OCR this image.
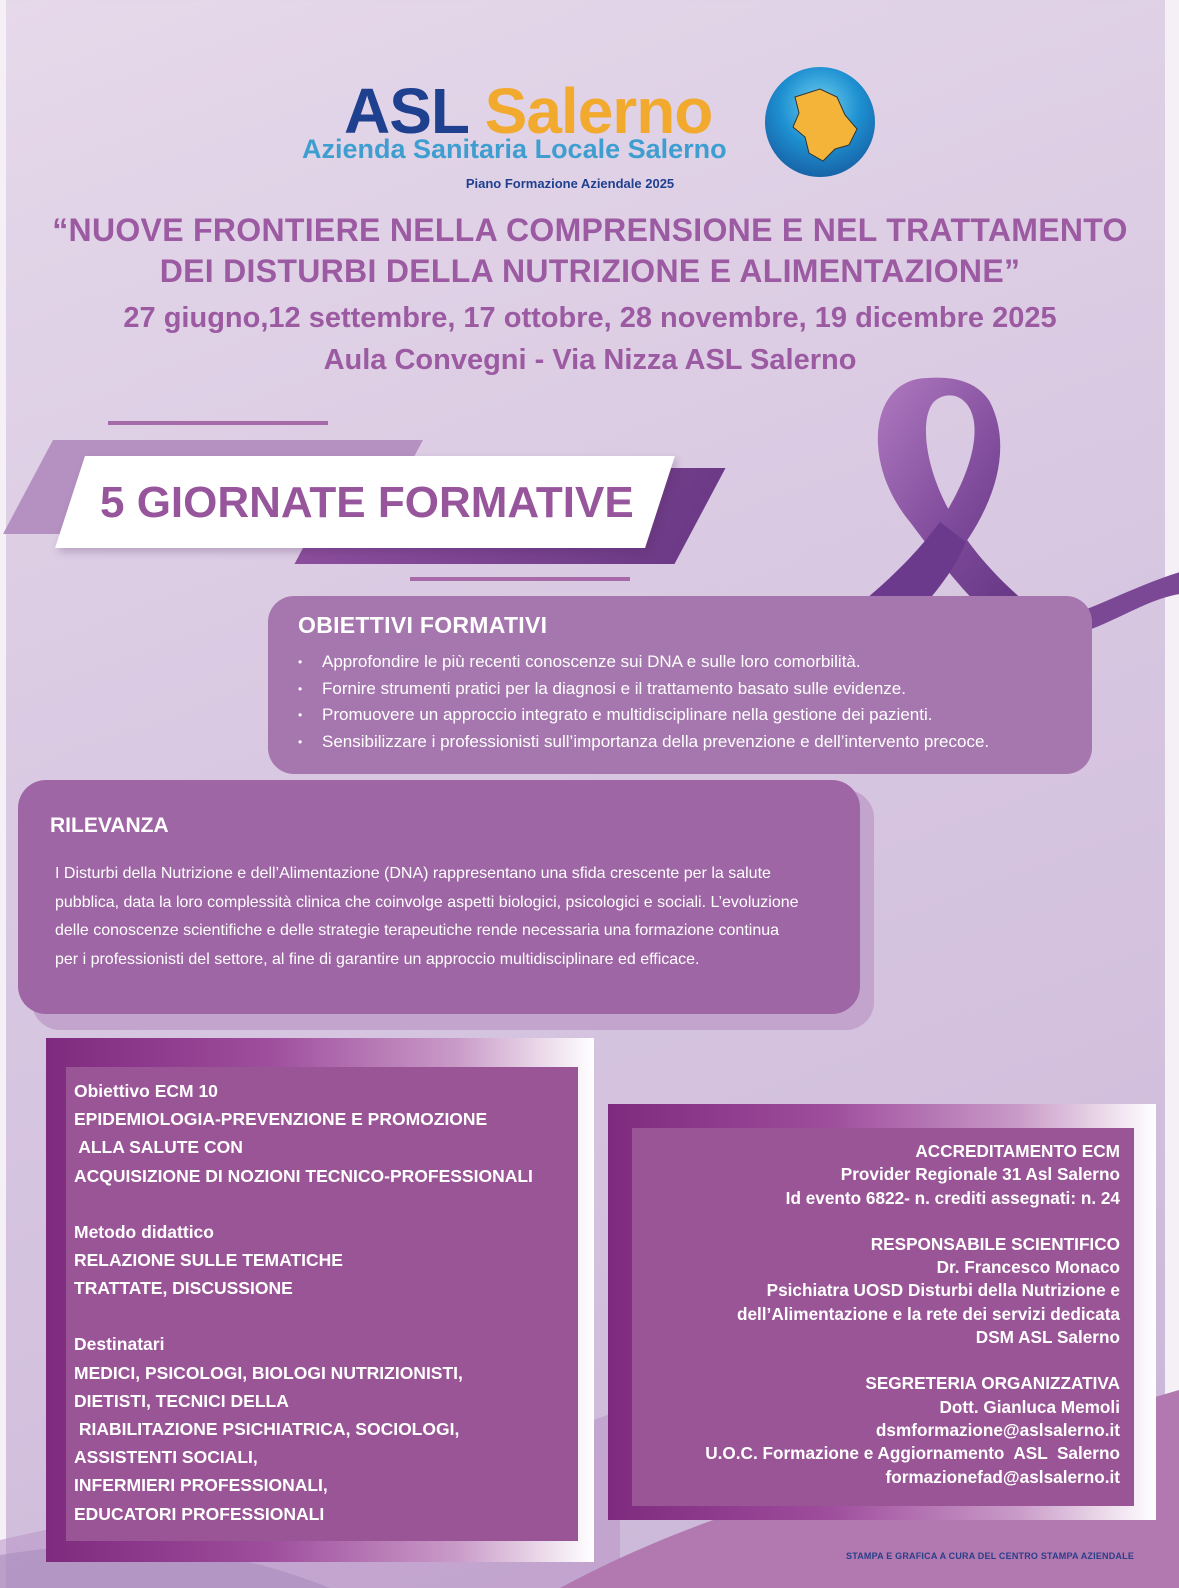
ASL Salerno
Azienda Sanitaria Locale Salerno
Piano Formazione Aziendale 2025
“NUOVE FRONTIERE NELLA COMPRENSIONE E NEL TRATTAMENTO
DEI DISTURBI DELLA NUTRIZIONE E ALIMENTAZIONE”
27 giugno,12 settembre, 17 ottobre, 28 novembre, 19 dicembre 2025
Aula Convegni - Via Nizza ASL Salerno
5 GIORNATE FORMATIVE
OBIETTIVI FORMATIVI
• Approfondire le più recenti conoscenze sui DNA e sulle loro comorbilità.
• Fornire strumenti pratici per la diagnosi e il trattamento basato sulle evidenze.
• Promuovere un approccio integrato e multidisciplinare nella gestione dei pazienti.
• Sensibilizzare i professionisti sull’importanza della prevenzione e dell’intervento precoce.
RILEVANZA

I Disturbi della Nutrizione e dell’Alimentazione (DNA) rappresentano una sfida crescente per la salute
pubblica, data la loro complessità clinica che coinvolge aspetti biologici, psicologici e sociali. L’evoluzione
delle conoscenze scientifiche e delle strategie terapeutiche rende necessaria una formazione continua
per i professionisti del settore, al fine di garantire un approccio multidisciplinare ed efficace.

Obiettivo ECM 10
EPIDEMIOLOGIA-PREVENZIONE E PROMOZIONE
ALLA SALUTE CON
ACQUISIZIONE DI NOZIONI TECNICO-PROFESSIONALI
Metodo didattico
RELAZIONE SULLE TEMATICHE
TRATTATE, DISCUSSIONE
Destinatari
MEDICI, PSICOLOGI, BIOLOGI NUTRIZIONISTI,
DIETISTI, TECNICI DELLA
RIABILITAZIONE PSICHIATRICA, SOCIOLOGI,
ASSISTENTI SOCIALI,
INFERMIERI PROFESSIONALI,
EDUCATORI PROFESSIONALI
ACCREDITAMENTO ECM
Provider Regionale 31 Asl Salerno
Id evento 6822- n. crediti assegnati: n. 24
RESPONSABILE SCIENTIFICO
Dr. Francesco Monaco
Psichiatra UOSD Disturbi della Nutrizione e
dell’Alimentazione e la rete dei servizi dedicata
DSM ASL Salerno
SEGRETERIA ORGANIZZATIVA
Dott. Gianluca Memoli
dsmformazione@aslsalerno.it
U.O.C. Formazione e Aggiornamento  ASL  Salerno
formazionefad@aslsalerno.it
STAMPA E GRAFICA A CURA DEL CENTRO STAMPA AZIENDALE
